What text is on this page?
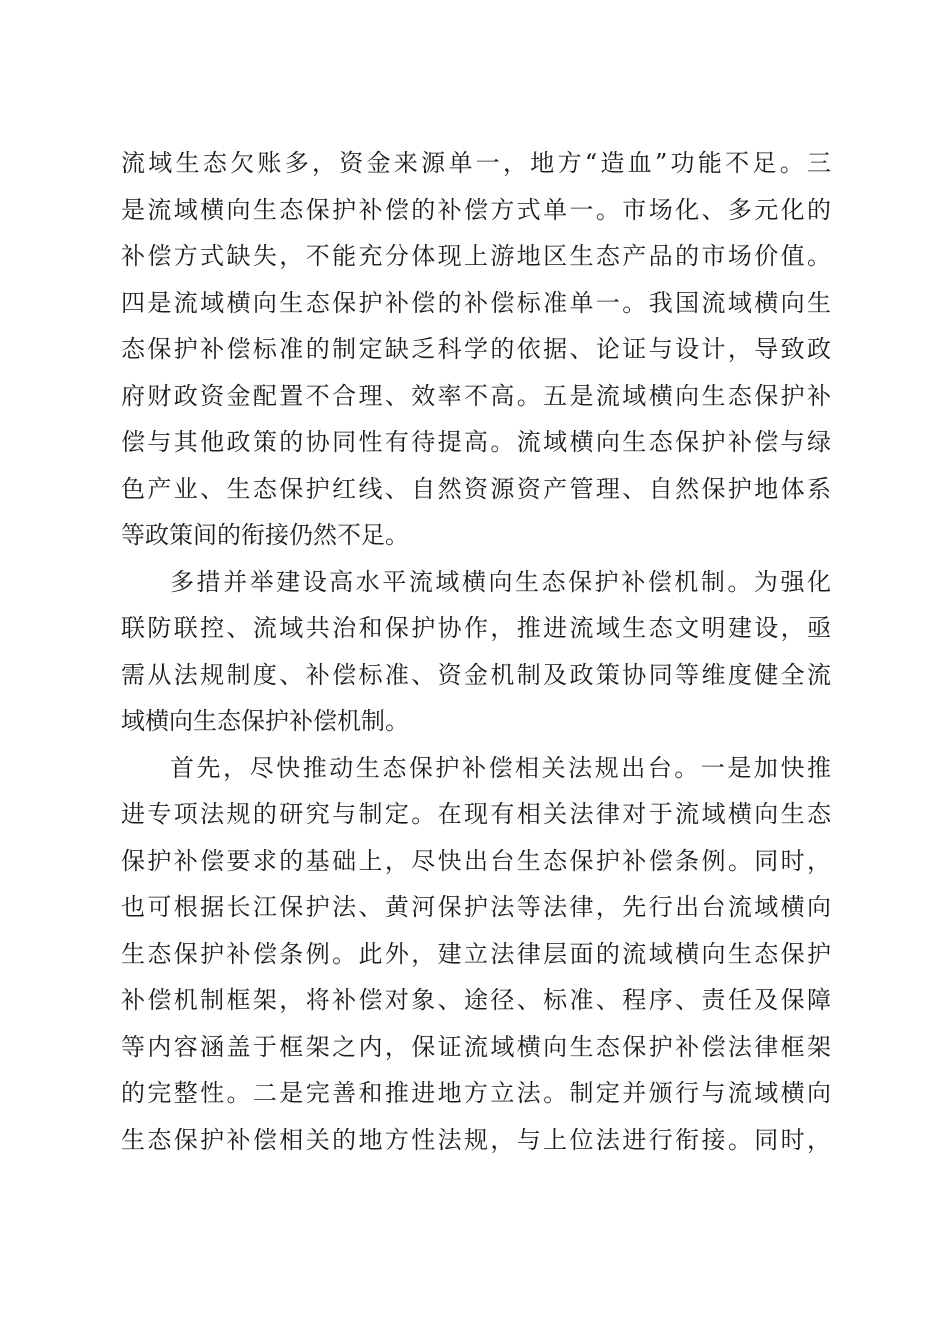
流域生态欠账多，资金来源单一，地方“造血”功能不足。三
是流域横向生态保护补偿的补偿方式单一。市场化、多元化的
补偿方式缺失，不能充分体现上游地区生态产品的市场价值。
四是流域横向生态保护补偿的补偿标准单一。我国流域横向生
态保护补偿标准的制定缺乏科学的依据、论证与设计，导致政
府财政资金配置不合理、效率不高。五是流域横向生态保护补
偿与其他政策的协同性有待提高。流域横向生态保护补偿与绿
色产业、生态保护红线、自然资源资产管理、自然保护地体系
等政策间的衔接仍然不足。
多措并举建设高水平流域横向生态保护补偿机制。为强化
联防联控、流域共治和保护协作，推进流域生态文明建设，亟
需从法规制度、补偿标准、资金机制及政策协同等维度健全流
域横向生态保护补偿机制。
首先，尽快推动生态保护补偿相关法规出台。一是加快推
进专项法规的研究与制定。在现有相关法律对于流域横向生态
保护补偿要求的基础上，尽快出台生态保护补偿条例。同时，
也可根据长江保护法、黄河保护法等法律，先行出台流域横向
生态保护补偿条例。此外，建立法律层面的流域横向生态保护
补偿机制框架，将补偿对象、途径、标准、程序、责任及保障
等内容涵盖于框架之内，保证流域横向生态保护补偿法律框架
的完整性。二是完善和推进地方立法。制定并颁行与流域横向
生态保护补偿相关的地方性法规，与上位法进行衔接。同时，
